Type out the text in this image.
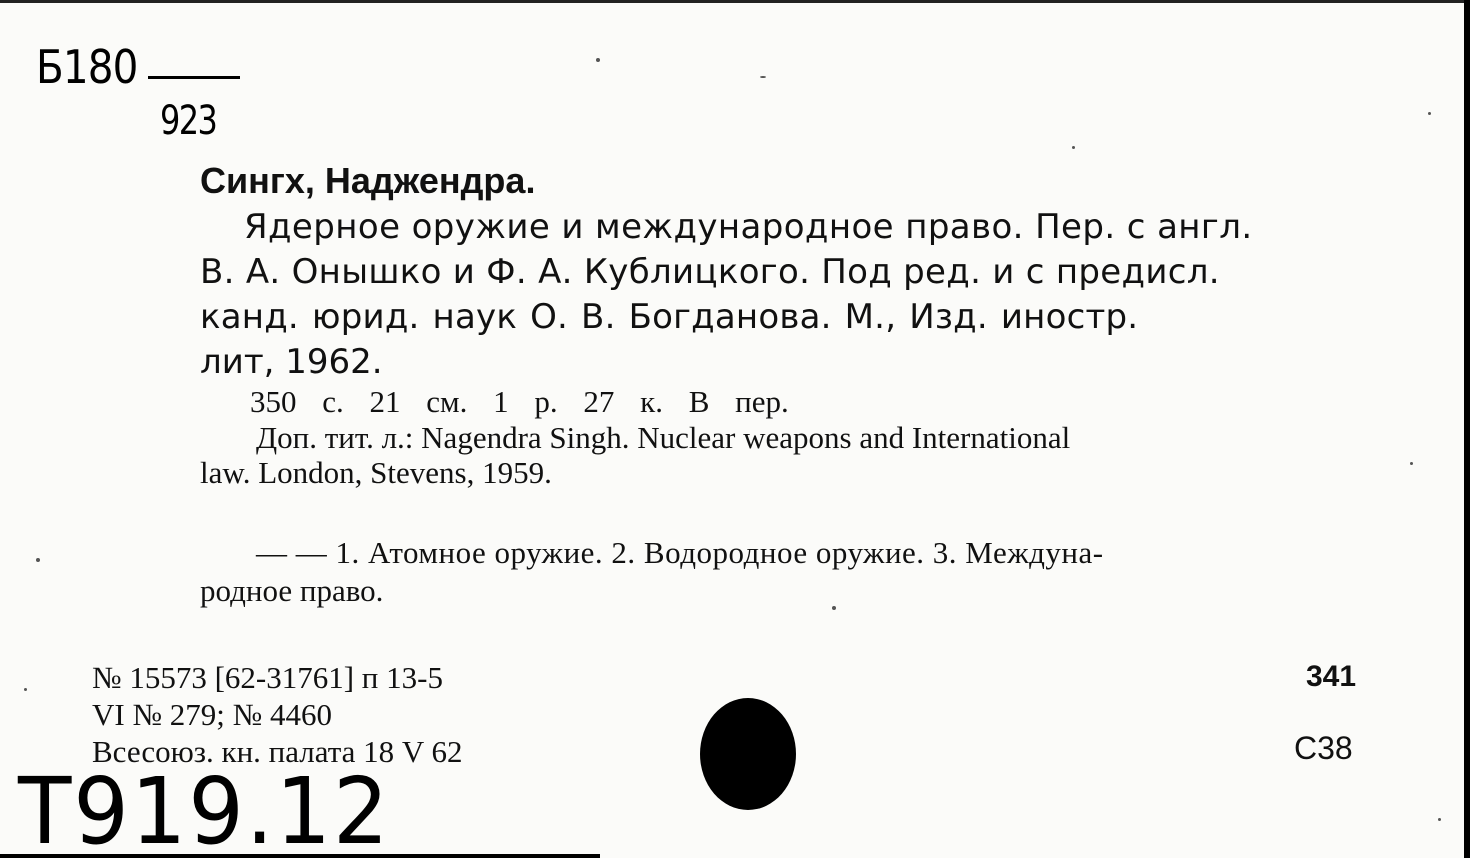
Б180
923
Сингх, Наджендра.
Ядерное оружие и международное право. Пер. с англ.
В. А. Онышко и Ф. А. Кублицкого. Под ред. и с предисл.
канд. юрид. наук О. В. Богданова. М., Изд. иностр.
лит, 1962.
350 с. 21 см. 1 р. 27 к. В пер.
Доп. тит. л.: Nagendra Singh. Nuclear weapons and International
law. London, Stevens, 1959.
— — 1. Атомное оружие. 2. Водородное оружие. 3. Междуна-
родное право.
№ 15573 [62-31761] п 13-5
VI № 279; № 4460
Всесоюз. кн. палата 18 V 62
341
С38
Т919.12
